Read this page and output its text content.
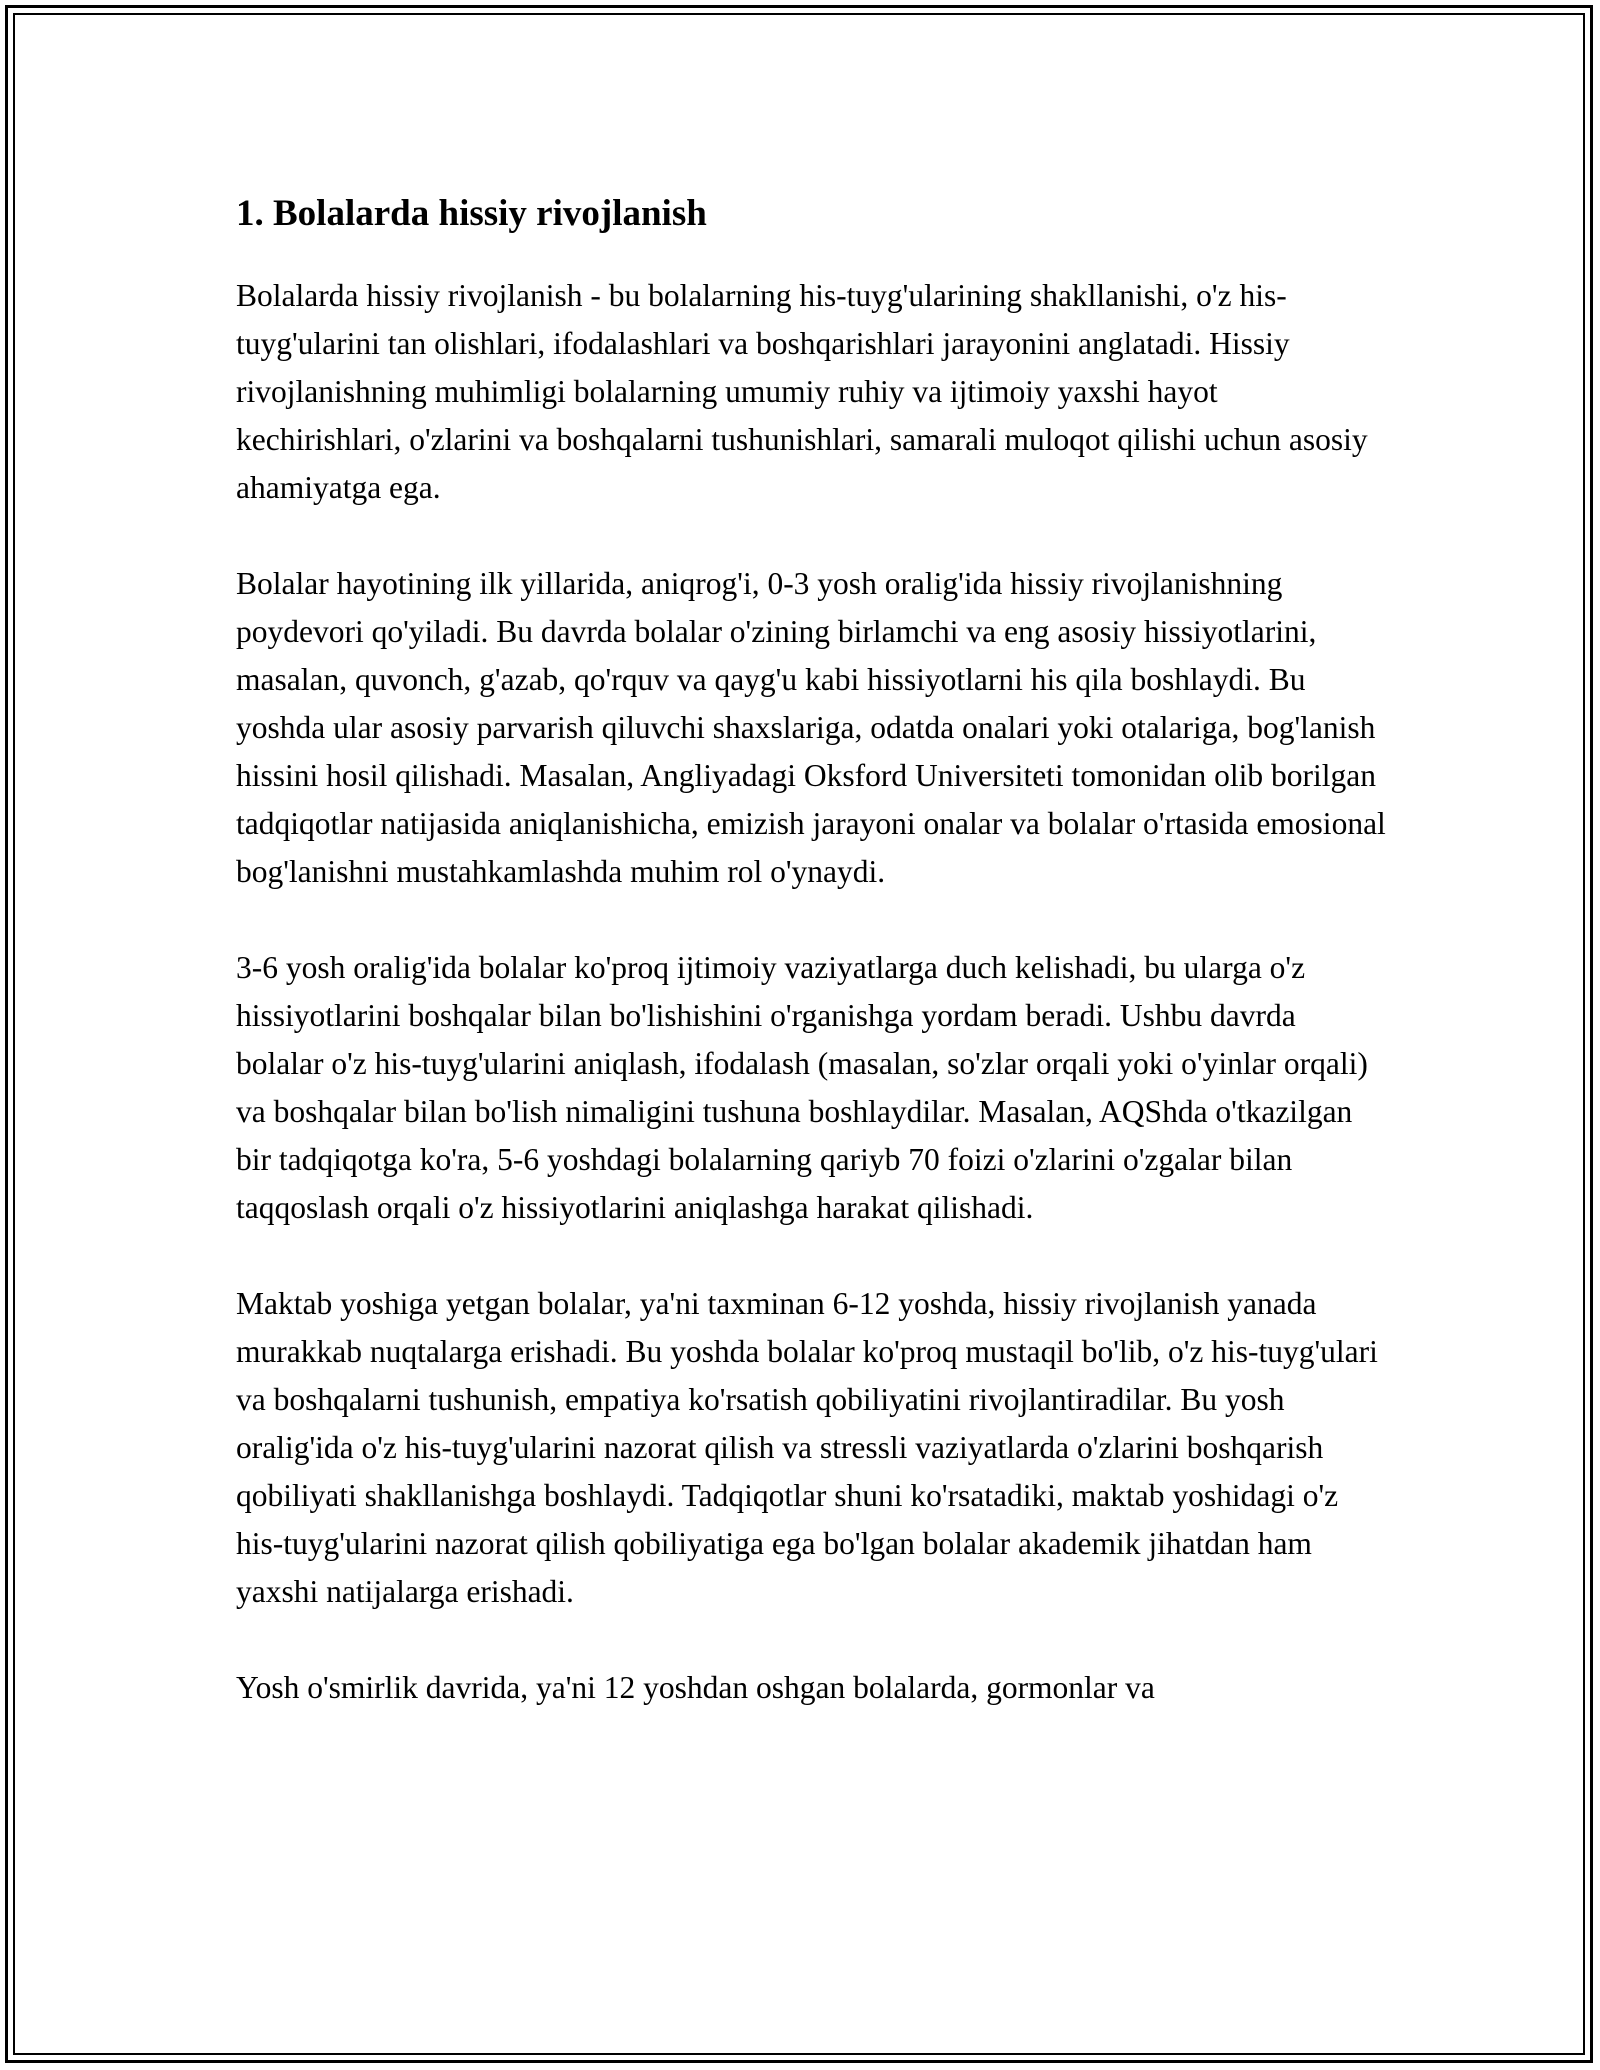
1. Bolalarda hissiy rivojlanish

Bolalarda hissiy rivojlanish - bu bolalarning his-tuyg'ularining shakllanishi, o'z his-tuyg'ularini tan olishlari, ifodalashlari va boshqarishlari jarayonini anglatadi. Hissiy rivojlanishning muhimligi bolalarning umumiy ruhiy va ijtimoiy yaxshi hayot kechirishlari, o'zlarini va boshqalarni tushunishlari, samarali muloqot qilishi uchun asosiy ahamiyatga ega.

Bolalar hayotining ilk yillarida, aniqrog'i, 0-3 yosh oralig'ida hissiy rivojlanishning poydevori qo'yiladi. Bu davrda bolalar o'zining birlamchi va eng asosiy hissiyotlarini, masalan, quvonch, g'azab, qo'rquv va qayg'u kabi hissiyotlarni his qila boshlaydi. Bu yoshda ular asosiy parvarish qiluvchi shaxslariga, odatda onalari yoki otalariga, bog'lanish hissini hosil qilishadi. Masalan, Angliyadagi Oksford Universiteti tomonidan olib borilgan tadqiqotlar natijasida aniqlanishicha, emizish jarayoni onalar va bolalar o'rtasida emosional bog'lanishni mustahkamlashda muhim rol o'ynaydi.

3-6 yosh oralig'ida bolalar ko'proq ijtimoiy vaziyatlarga duch kelishadi, bu ularga o'z hissiyotlarini boshqalar bilan bo'lishishini o'rganishga yordam beradi. Ushbu davrda bolalar o'z his-tuyg'ularini aniqlash, ifodalash (masalan, so'zlar orqali yoki o'yinlar orqali) va boshqalar bilan bo'lish nimaligini tushuna boshlaydilar. Masalan, AQShda o'tkazilgan bir tadqiqotga ko'ra, 5-6 yoshdagi bolalarning qariyb 70 foizi o'zlarini o'zgalar bilan taqqoslash orqali o'z hissiyotlarini aniqlashga harakat qilishadi.

Maktab yoshiga yetgan bolalar, ya'ni taxminan 6-12 yoshda, hissiy rivojlanish yanada murakkab nuqtalarga erishadi. Bu yoshda bolalar ko'proq mustaqil bo'lib, o'z his-tuyg'ulari va boshqalarni tushunish, empatiya ko'rsatish qobiliyatini rivojlantiradilar. Bu yosh oralig'ida o'z his-tuyg'ularini nazorat qilish va stressli vaziyatlarda o'zlarini boshqarish qobiliyati shakllanishga boshlaydi. Tadqiqotlar shuni ko'rsatadiki, maktab yoshidagi o'z his-tuyg'ularini nazorat qilish qobiliyatiga ega bo'lgan bolalar akademik jihatdan ham yaxshi natijalarga erishadi.

Yosh o'smirlik davrida, ya'ni 12 yoshdan oshgan bolalarda, gormonlar va
